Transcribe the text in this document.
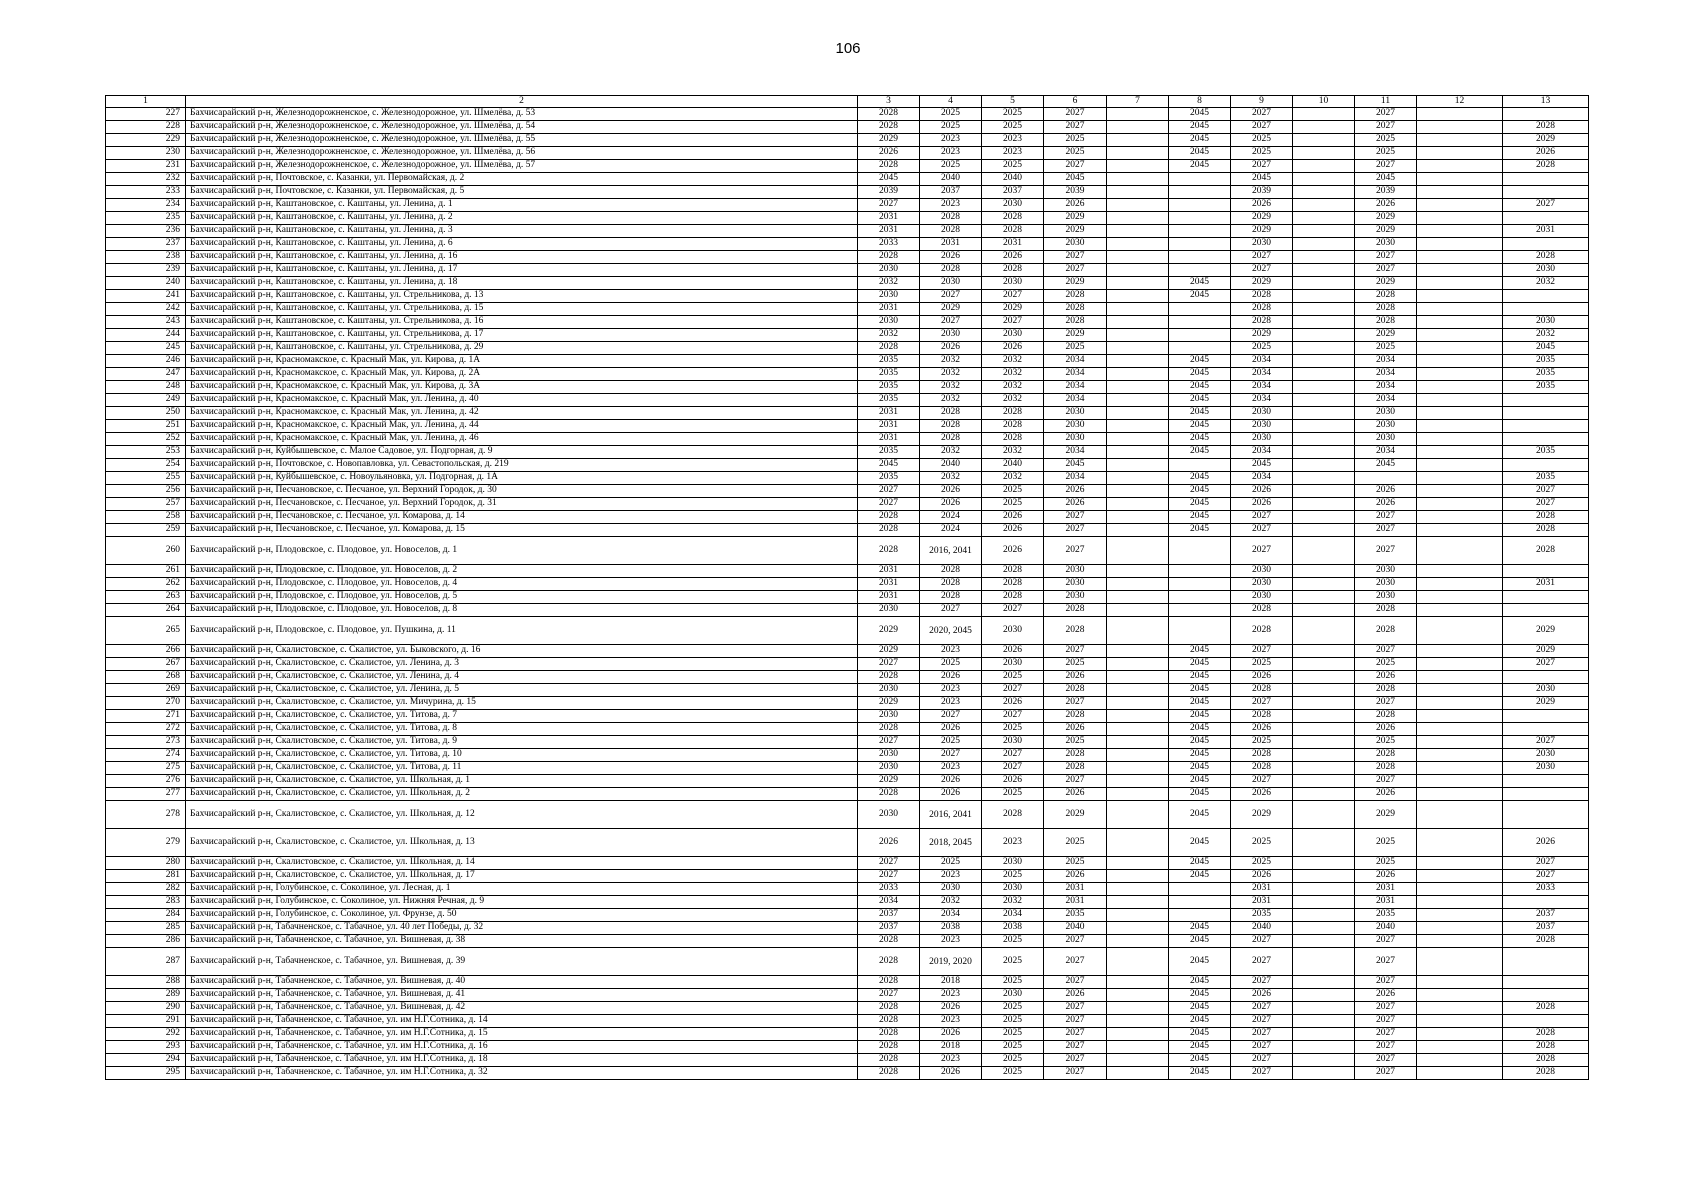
106
1	2	3	4	5	6	7	8	9	10	11	12	13
227	Бахчисарайский р-н, Железнодорожненское, с. Железнодорожное, ул. Шмелёва, д. 53	2028	2025	2025	2027		2045	2027		2027		
228	Бахчисарайский р-н, Железнодорожненское, с. Железнодорожное, ул. Шмелёва, д. 54	2028	2025	2025	2027		2045	2027		2027		2028
229	Бахчисарайский р-н, Железнодорожненское, с. Железнодорожное, ул. Шмелёва, д. 55	2029	2023	2023	2025		2045	2025		2025		2029
230	Бахчисарайский р-н, Железнодорожненское, с. Железнодорожное, ул. Шмелёва, д. 56	2026	2023	2023	2025		2045	2025		2025		2026
231	Бахчисарайский р-н, Железнодорожненское, с. Железнодорожное, ул. Шмелёва, д. 57	2028	2025	2025	2027		2045	2027		2027		2028
232	Бахчисарайский р-н, Почтовское, с. Казанки, ул. Первомайская, д. 2	2045	2040	2040	2045			2045		2045		
233	Бахчисарайский р-н, Почтовское, с. Казанки, ул. Первомайская, д. 5	2039	2037	2037	2039			2039		2039		
234	Бахчисарайский р-н, Каштановское, с. Каштаны, ул. Ленина, д. 1	2027	2023	2030	2026			2026		2026		2027
235	Бахчисарайский р-н, Каштановское, с. Каштаны, ул. Ленина, д. 2	2031	2028	2028	2029			2029		2029		
236	Бахчисарайский р-н, Каштановское, с. Каштаны, ул. Ленина, д. 3	2031	2028	2028	2029			2029		2029		2031
237	Бахчисарайский р-н, Каштановское, с. Каштаны, ул. Ленина, д. 6	2033	2031	2031	2030			2030		2030		
238	Бахчисарайский р-н, Каштановское, с. Каштаны, ул. Ленина, д. 16	2028	2026	2026	2027			2027		2027		2028
239	Бахчисарайский р-н, Каштановское, с. Каштаны, ул. Ленина, д. 17	2030	2028	2028	2027			2027		2027		2030
240	Бахчисарайский р-н, Каштановское, с. Каштаны, ул. Ленина, д. 18	2032	2030	2030	2029		2045	2029		2029		2032
241	Бахчисарайский р-н, Каштановское, с. Каштаны, ул. Стрельникова, д. 13	2030	2027	2027	2028		2045	2028		2028		
242	Бахчисарайский р-н, Каштановское, с. Каштаны, ул. Стрельникова, д. 15	2031	2029	2029	2028			2028		2028		
243	Бахчисарайский р-н, Каштановское, с. Каштаны, ул. Стрельникова, д. 16	2030	2027	2027	2028			2028		2028		2030
244	Бахчисарайский р-н, Каштановское, с. Каштаны, ул. Стрельникова, д. 17	2032	2030	2030	2029			2029		2029		2032
245	Бахчисарайский р-н, Каштановское, с. Каштаны, ул. Стрельникова, д. 29	2028	2026	2026	2025			2025		2025		2045
246	Бахчисарайский р-н, Красномакское, с. Красный Мак, ул. Кирова, д. 1А	2035	2032	2032	2034		2045	2034		2034		2035
247	Бахчисарайский р-н, Красномакское, с. Красный Мак, ул. Кирова, д. 2А	2035	2032	2032	2034		2045	2034		2034		2035
248	Бахчисарайский р-н, Красномакское, с. Красный Мак, ул. Кирова, д. 3А	2035	2032	2032	2034		2045	2034		2034		2035
249	Бахчисарайский р-н, Красномакское, с. Красный Мак, ул. Ленина, д. 40	2035	2032	2032	2034		2045	2034		2034		
250	Бахчисарайский р-н, Красномакское, с. Красный Мак, ул. Ленина, д. 42	2031	2028	2028	2030		2045	2030		2030		
251	Бахчисарайский р-н, Красномакское, с. Красный Мак, ул. Ленина, д. 44	2031	2028	2028	2030		2045	2030		2030		
252	Бахчисарайский р-н, Красномакское, с. Красный Мак, ул. Ленина, д. 46	2031	2028	2028	2030		2045	2030		2030		
253	Бахчисарайский р-н, Куйбышевское, с. Малое Садовое, ул. Подгорная, д. 9	2035	2032	2032	2034		2045	2034		2034		2035
254	Бахчисарайский р-н, Почтовское, с. Новопавловка, ул. Севастопольская, д. 219	2045	2040	2040	2045			2045		2045		
255	Бахчисарайский р-н, Куйбышевское, с. Новоульяновка, ул. Подгорная, д. 1А	2035	2032	2032	2034		2045	2034				2035
256	Бахчисарайский р-н, Песчановское, с. Песчаное, ул. Верхний Городок, д. 30	2027	2026	2025	2026		2045	2026		2026		2027
257	Бахчисарайский р-н, Песчановское, с. Песчаное, ул. Верхний Городок, д. 31	2027	2026	2025	2026		2045	2026		2026		2027
258	Бахчисарайский р-н, Песчановское, с. Песчаное, ул. Комарова, д. 14	2028	2024	2026	2027		2045	2027		2027		2028
259	Бахчисарайский р-н, Песчановское, с. Песчаное, ул. Комарова, д. 15	2028	2024	2026	2027		2045	2027		2027		2028
260	Бахчисарайский р-н, Плодовское, с. Плодовое, ул. Новоселов, д. 1	2028	2016, 2041	2026	2027			2027		2027		2028
261	Бахчисарайский р-н, Плодовское, с. Плодовое, ул. Новоселов, д. 2	2031	2028	2028	2030			2030		2030		
262	Бахчисарайский р-н, Плодовское, с. Плодовое, ул. Новоселов, д. 4	2031	2028	2028	2030			2030		2030		2031
263	Бахчисарайский р-н, Плодовское, с. Плодовое, ул. Новоселов, д. 5	2031	2028	2028	2030			2030		2030		
264	Бахчисарайский р-н, Плодовское, с. Плодовое, ул. Новоселов, д. 8	2030	2027	2027	2028			2028		2028		
265	Бахчисарайский р-н, Плодовское, с. Плодовое, ул. Пушкина, д. 11	2029	2020, 2045	2030	2028			2028		2028		2029
266	Бахчисарайский р-н, Скалистовское, с. Скалистое, ул. Быковского, д. 16	2029	2023	2026	2027		2045	2027		2027		2029
267	Бахчисарайский р-н, Скалистовское, с. Скалистое, ул. Ленина, д. 3	2027	2025	2030	2025		2045	2025		2025		2027
268	Бахчисарайский р-н, Скалистовское, с. Скалистое, ул. Ленина, д. 4	2028	2026	2025	2026		2045	2026		2026		
269	Бахчисарайский р-н, Скалистовское, с. Скалистое, ул. Ленина, д. 5	2030	2023	2027	2028		2045	2028		2028		2030
270	Бахчисарайский р-н, Скалистовское, с. Скалистое, ул. Мичурина, д. 15	2029	2023	2026	2027		2045	2027		2027		2029
271	Бахчисарайский р-н, Скалистовское, с. Скалистое, ул. Титова, д. 7	2030	2027	2027	2028		2045	2028		2028		
272	Бахчисарайский р-н, Скалистовское, с. Скалистое, ул. Титова, д. 8	2028	2026	2025	2026		2045	2026		2026		
273	Бахчисарайский р-н, Скалистовское, с. Скалистое, ул. Титова, д. 9	2027	2025	2030	2025		2045	2025		2025		2027
274	Бахчисарайский р-н, Скалистовское, с. Скалистое, ул. Титова, д. 10	2030	2027	2027	2028		2045	2028		2028		2030
275	Бахчисарайский р-н, Скалистовское, с. Скалистое, ул. Титова, д. 11	2030	2023	2027	2028		2045	2028		2028		2030
276	Бахчисарайский р-н, Скалистовское, с. Скалистое, ул. Школьная, д. 1	2029	2026	2026	2027		2045	2027		2027		
277	Бахчисарайский р-н, Скалистовское, с. Скалистое, ул. Школьная, д. 2	2028	2026	2025	2026		2045	2026		2026		
278	Бахчисарайский р-н, Скалистовское, с. Скалистое, ул. Школьная, д. 12	2030	2016, 2041	2028	2029		2045	2029		2029		
279	Бахчисарайский р-н, Скалистовское, с. Скалистое, ул. Школьная, д. 13	2026	2018, 2045	2023	2025		2045	2025		2025		2026
280	Бахчисарайский р-н, Скалистовское, с. Скалистое, ул. Школьная, д. 14	2027	2025	2030	2025		2045	2025		2025		2027
281	Бахчисарайский р-н, Скалистовское, с. Скалистое, ул. Школьная, д. 17	2027	2023	2025	2026		2045	2026		2026		2027
282	Бахчисарайский р-н, Голубинское, с. Соколиное, ул. Лесная, д. 1	2033	2030	2030	2031			2031		2031		2033
283	Бахчисарайский р-н, Голубинское, с. Соколиное, ул. Нижняя Речная, д. 9	2034	2032	2032	2031			2031		2031		
284	Бахчисарайский р-н, Голубинское, с. Соколиное, ул. Фрунзе, д. 50	2037	2034	2034	2035			2035		2035		2037
285	Бахчисарайский р-н, Табачненское, с. Табачное, ул. 40 лет Победы, д. 32	2037	2038	2038	2040		2045	2040		2040		2037
286	Бахчисарайский р-н, Табачненское, с. Табачное, ул. Вишневая, д. 38	2028	2023	2025	2027		2045	2027		2027		2028
287	Бахчисарайский р-н, Табачненское, с. Табачное, ул. Вишневая, д. 39	2028	2019, 2020	2025	2027		2045	2027		2027		
288	Бахчисарайский р-н, Табачненское, с. Табачное, ул. Вишневая, д. 40	2028	2018	2025	2027		2045	2027		2027		
289	Бахчисарайский р-н, Табачненское, с. Табачное, ул. Вишневая, д. 41	2027	2023	2030	2026		2045	2026		2026		
290	Бахчисарайский р-н, Табачненское, с. Табачное, ул. Вишневая, д. 42	2028	2026	2025	2027		2045	2027		2027		2028
291	Бахчисарайский р-н, Табачненское, с. Табачное, ул. им Н.Г.Сотника, д. 14	2028	2023	2025	2027		2045	2027		2027		
292	Бахчисарайский р-н, Табачненское, с. Табачное, ул. им Н.Г.Сотника, д. 15	2028	2026	2025	2027		2045	2027		2027		2028
293	Бахчисарайский р-н, Табачненское, с. Табачное, ул. им Н.Г.Сотника, д. 16	2028	2018	2025	2027		2045	2027		2027		2028
294	Бахчисарайский р-н, Табачненское, с. Табачное, ул. им Н.Г.Сотника, д. 18	2028	2023	2025	2027		2045	2027		2027		2028
295	Бахчисарайский р-н, Табачненское, с. Табачное, ул. им Н.Г.Сотника, д. 32	2028	2026	2025	2027		2045	2027		2027		2028
